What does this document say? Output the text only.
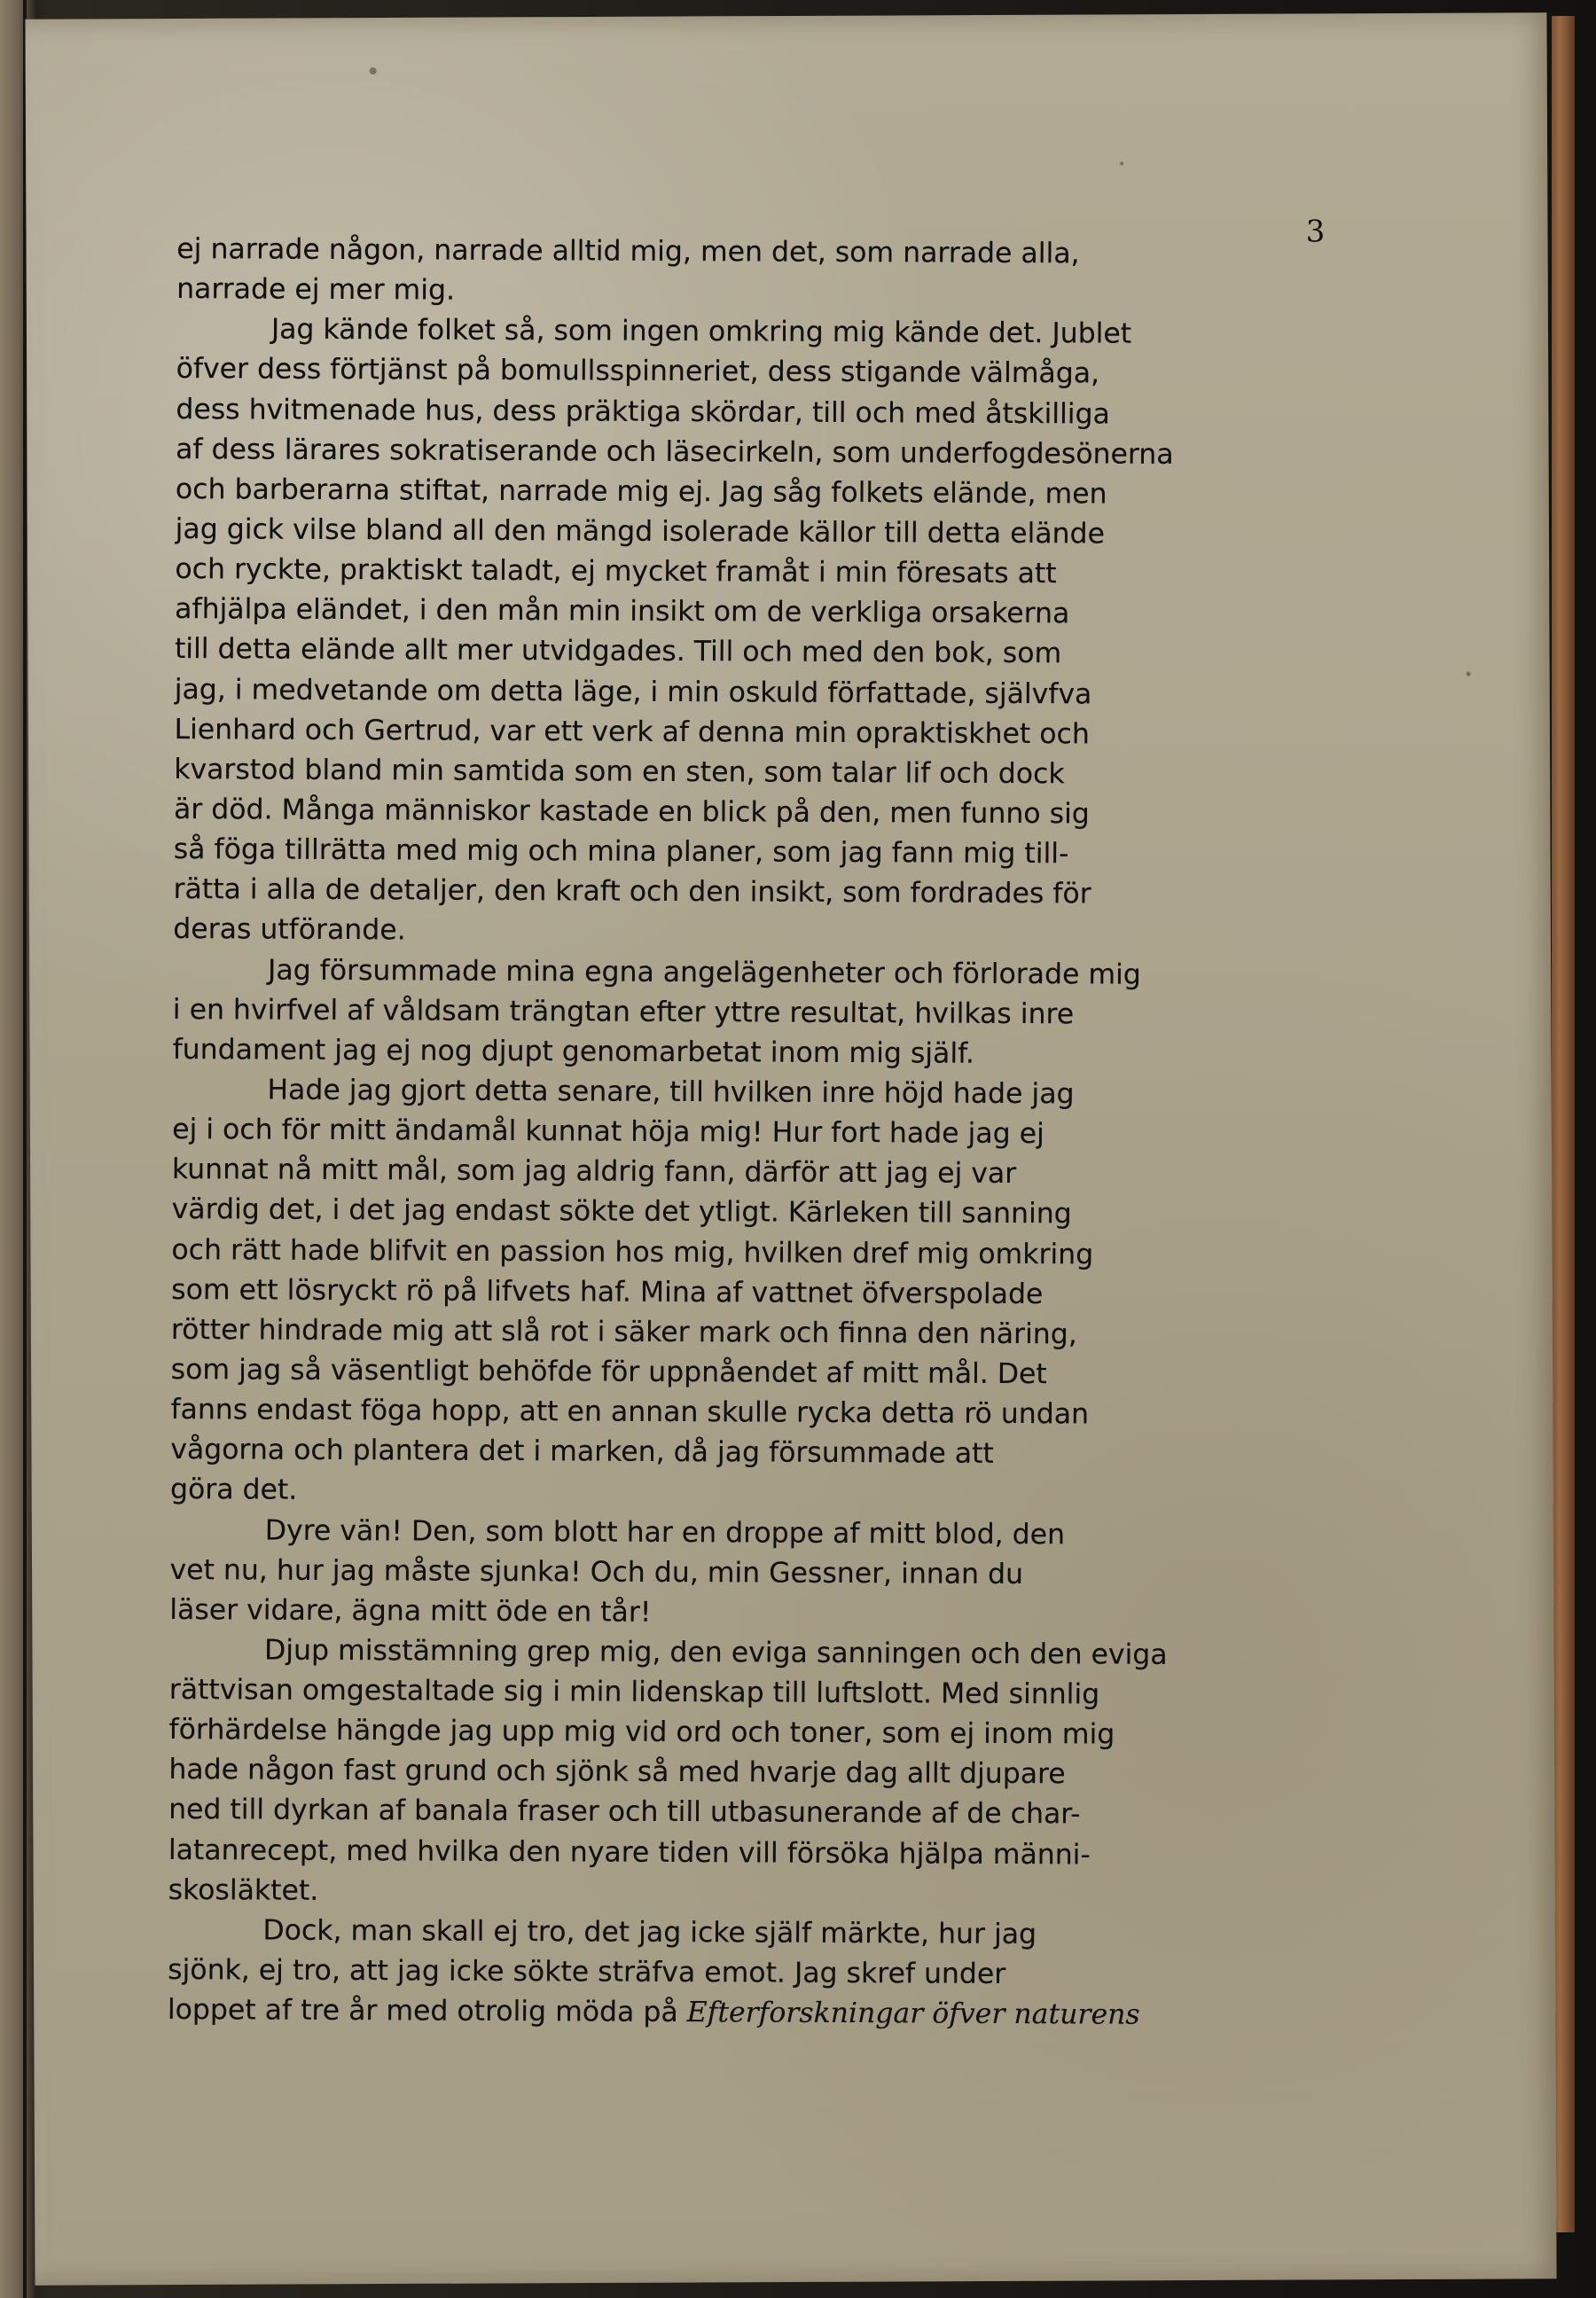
3
ej narrade någon, narrade alltid mig, men det, som narrade alla,
narrade ej mer mig.
Jag kände folket så, som ingen omkring mig kände det. Jublet
öfver dess förtjänst på bomullsspinneriet, dess stigande välmåga,
dess hvitmenade hus, dess präktiga skördar, till och med åtskilliga
af dess lärares sokratiserande och läsecirkeln, som underfogdesönerna
och barberarna stiftat, narrade mig ej. Jag såg folkets elände, men
jag gick vilse bland all den mängd isolerade källor till detta elände
och ryckte, praktiskt taladt, ej mycket framåt i min föresats att
afhjälpa eländet, i den mån min insikt om de verkliga orsakerna
till detta elände allt mer utvidgades. Till och med den bok, som
jag, i medvetande om detta läge, i min oskuld författade, självfva
Lienhard och Gertrud, var ett verk af denna min opraktiskhet och
kvarstod bland min samtida som en sten, som talar lif och dock
är död. Många människor kastade en blick på den, men funno sig
så föga tillrätta med mig och mina planer, som jag fann mig till-
rätta i alla de detaljer, den kraft och den insikt, som fordrades för
deras utförande.
Jag försummade mina egna angelägenheter och förlorade mig
i en hvirfvel af våldsam trängtan efter yttre resultat, hvilkas inre
fundament jag ej nog djupt genomarbetat inom mig själf.
Hade jag gjort detta senare, till hvilken inre höjd hade jag
ej i och för mitt ändamål kunnat höja mig! Hur fort hade jag ej
kunnat nå mitt mål, som jag aldrig fann, därför att jag ej var
värdig det, i det jag endast sökte det ytligt. Kärleken till sanning
och rätt hade blifvit en passion hos mig, hvilken dref mig omkring
som ett lösryckt rö på lifvets haf. Mina af vattnet öfverspolade
rötter hindrade mig att slå rot i säker mark och finna den näring,
som jag så väsentligt behöfde för uppnåendet af mitt mål. Det
fanns endast föga hopp, att en annan skulle rycka detta rö undan
vågorna och plantera det i marken, då jag försummade att
göra det.
Dyre vän! Den, som blott har en droppe af mitt blod, den
vet nu, hur jag måste sjunka! Och du, min Gessner, innan du
läser vidare, ägna mitt öde en tår!
Djup misstämning grep mig, den eviga sanningen och den eviga
rättvisan omgestaltade sig i min lidenskap till luftslott. Med sinnlig
förhärdelse hängde jag upp mig vid ord och toner, som ej inom mig
hade någon fast grund och sjönk så med hvarje dag allt djupare
ned till dyrkan af banala fraser och till utbasunerande af de char-
latanrecept, med hvilka den nyare tiden vill försöka hjälpa männi-
skosläktet.
Dock, man skall ej tro, det jag icke själf märkte, hur jag
sjönk, ej tro, att jag icke sökte sträfva emot. Jag skref under
loppet af tre år med otrolig möda på Efterforskningar öfver naturens
